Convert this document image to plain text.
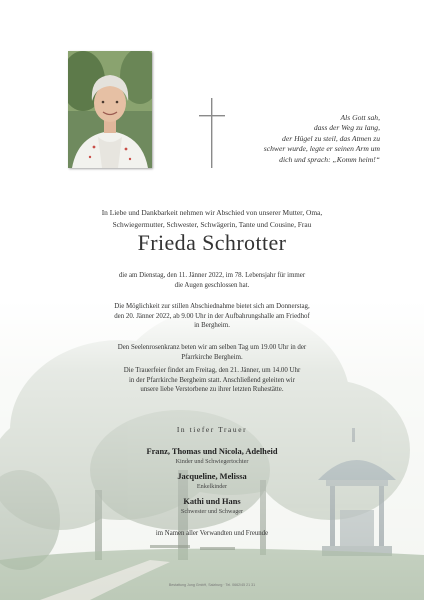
Als Gott sah,
dass der Weg zu lang,
der Hügel zu steil, das Atmen zu
schwer wurde, legte er seinen Arm um
dich und sprach: „Komm heim!“
In Liebe und Dankbarkeit nehmen wir Abschied von unserer Mutter, Oma,
Schwiegermutter, Schwester, Schwägerin, Tante und Cousine, Frau
Frieda Schrotter
die am Dienstag, den 11. Jänner 2022, im 78. Lebensjahr für immer
die Augen geschlossen hat.
Die Möglichkeit zur stillen Abschiednahme bietet sich am Donnerstag,
den 20. Jänner 2022, ab 9.00 Uhr in der Aufbahrungshalle am Friedhof
in Bergheim.
Den Seelenrosenkranz beten wir am selben Tag um 19.00 Uhr in der
Pfarrkirche Bergheim.
Die Trauerfeier findet am Freitag, den 21. Jänner, um 14.00 Uhr
in der Pfarrkirche Bergheim statt. Anschließend geleiten wir
unsere liebe Verstorbene zu ihrer letzten Ruhestätte.
In tiefer Trauer
Franz, Thomas und Nicola, Adelheid
Kinder und Schwiegertochter
Jacqueline, Melissa
Enkelkinder
Kathi und Hans
Schwester und Schwager
im Namen aller Verwandten und Freunde
Bestattung Jung GmbH, Salzburg · Tel. 0662/45 21 31
